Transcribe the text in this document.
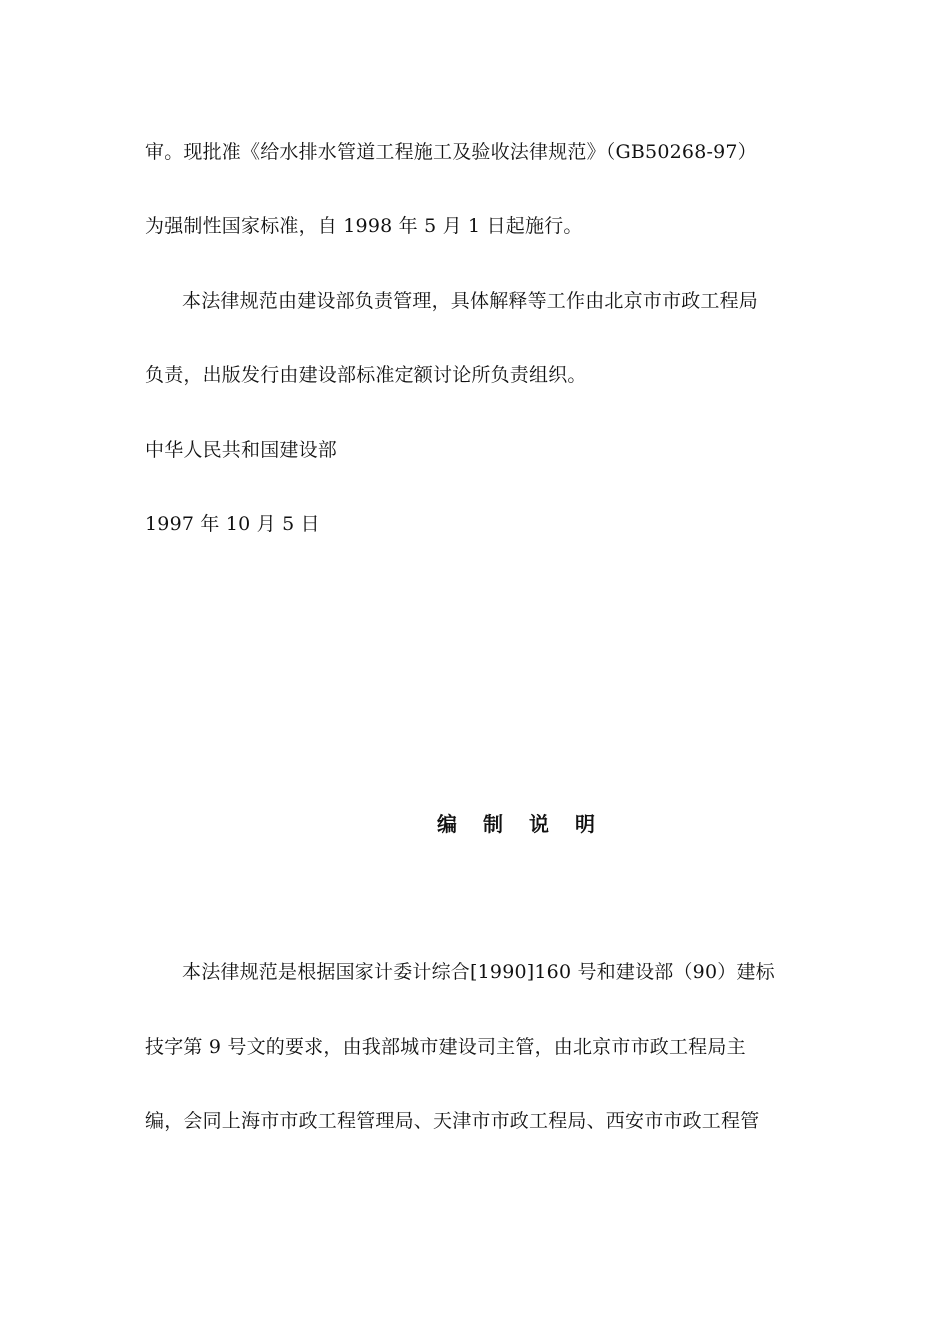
审。现批准《给水排水管道工程施工及验收法律规范》（GB50268-97）
为强制性国家标准，自 1998 年 5 月 1 日起施行。
本法律规范由建设部负责管理，具体解释等工作由北京市市政工程局
负责，出版发行由建设部标准定额讨论所负责组织。
中华人民共和国建设部
1997 年 10 月 5 日
编　制　说　明
本法律规范是根据国家计委计综合[1990]160 号和建设部（90）建标
技字第 9 号文的要求，由我部城市建设司主管，由北京市市政工程局主
编，会同上海市市政工程管理局、天津市市政工程局、西安市市政工程管
